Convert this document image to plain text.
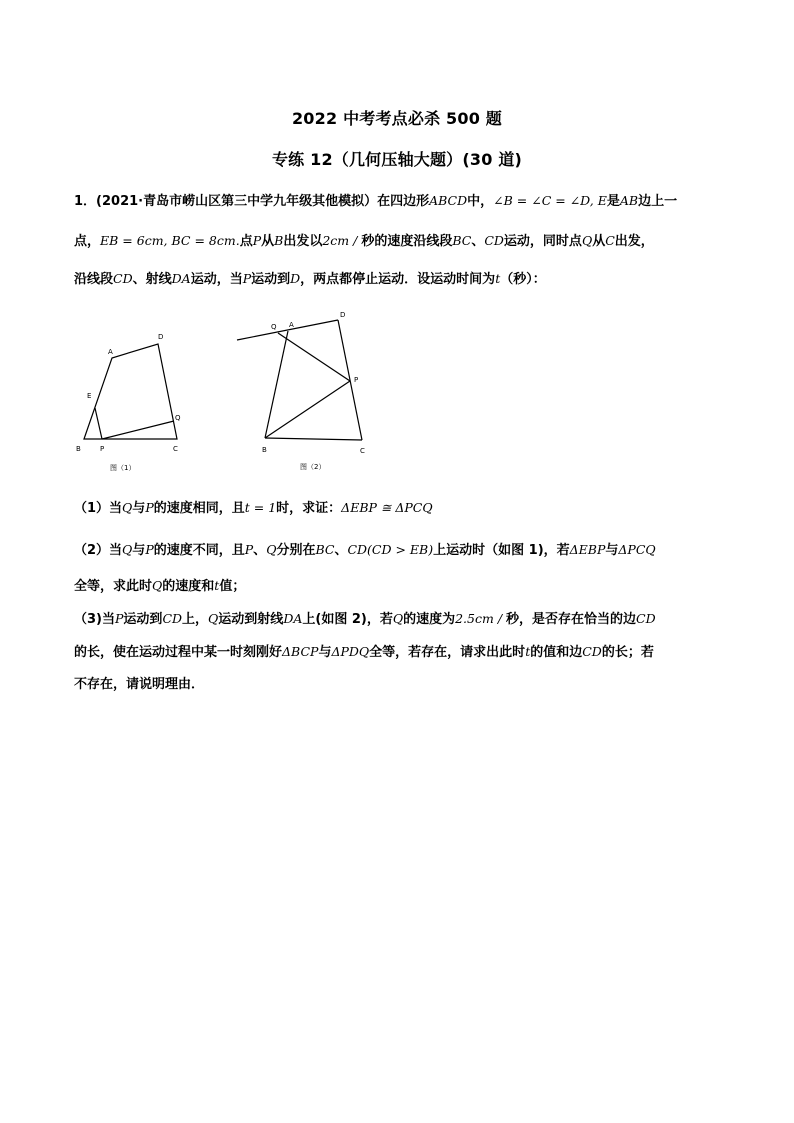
2022 中考考点必杀 500 题
专练 12（几何压轴大题）(30 道)
1．(2021·青岛市崂山区第三中学九年级其他模拟）在四边形ABCD中，∠B = ∠C = ∠D, E是AB边上一
点，EB = 6cm, BC = 8cm.点P从B出发以2cm / 秒的速度沿线段BC、CD运动，同时点Q从C出发，
沿线段CD、射线DA运动，当P运动到D，两点都停止运动．设运动时间为t（秒）：
B	P	C
E
A
D
Q
图（1）
Q A
D
P
B	C
图（2）
（1）当Q与P的速度相同，且t = 1时，求证：ΔEBP ≅ ΔPCQ
（2）当Q与P的速度不同，且P、Q分别在BC、CD(CD > EB)上运动时（如图 1)，若ΔEBP与ΔPCQ
全等，求此时Q的速度和t值；
（3)当P运动到CD上，Q运动到射线DA上(如图 2)，若Q的速度为2.5cm / 秒，是否存在恰当的边CD
的长，使在运动过程中某一时刻刚好ΔBCP与ΔPDQ全等，若存在，请求出此时t的值和边CD的长；若
不存在，请说明理由．
